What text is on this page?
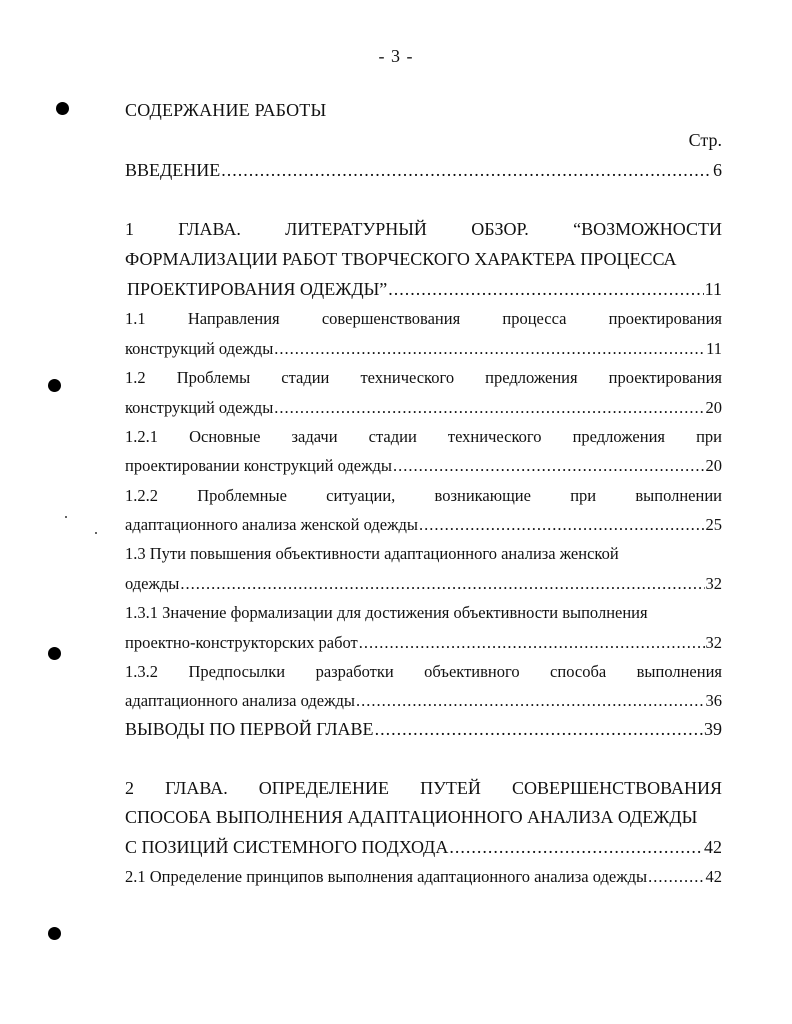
- 3 -
СОДЕРЖАНИЕ РАБОТЫ
Стр.
ВВЕДЕНИЕ .....	6
1 ГЛАВА. ЛИТЕРАТУРНЫЙ ОБЗОР. “ВОЗМОЖНОСТИ
ФОРМАЛИЗАЦИИ РАБОТ ТВОРЧЕСКОГО ХАРАКТЕРА ПРОЦЕССА
ПРОЕКТИРОВАНИЯ ОДЕЖДЫ” .....	11
1.1 Направления совершенствования процесса проектирования
конструкций одежды .....	11
1.2 Проблемы стадии технического предложения проектирования
конструкций одежды .....	20
1.2.1 Основные задачи стадии технического предложения при
проектировании конструкций одежды .....	20
1.2.2 Проблемные ситуации, возникающие при выполнении
адаптационного анализа женской одежды .....	25
1.3 Пути повышения объективности адаптационного анализа женской
одежды .....	32
1.3.1 Значение формализации для достижения объективности выполнения
проектно-конструкторских работ .....	32
1.3.2 Предпосылки разработки объективного способа выполнения
адаптационного анализа одежды .....	36
ВЫВОДЫ ПО ПЕРВОЙ ГЛАВЕ .....	39
2 ГЛАВА. ОПРЕДЕЛЕНИЕ ПУТЕЙ СОВЕРШЕНСТВОВАНИЯ
СПОСОБА ВЫПОЛНЕНИЯ АДАПТАЦИОННОГО АНАЛИЗА ОДЕЖДЫ
С ПОЗИЦИЙ СИСТЕМНОГО ПОДХОДА .....	42
2.1 Определение принципов выполнения адаптационного анализа одежды .....	42
